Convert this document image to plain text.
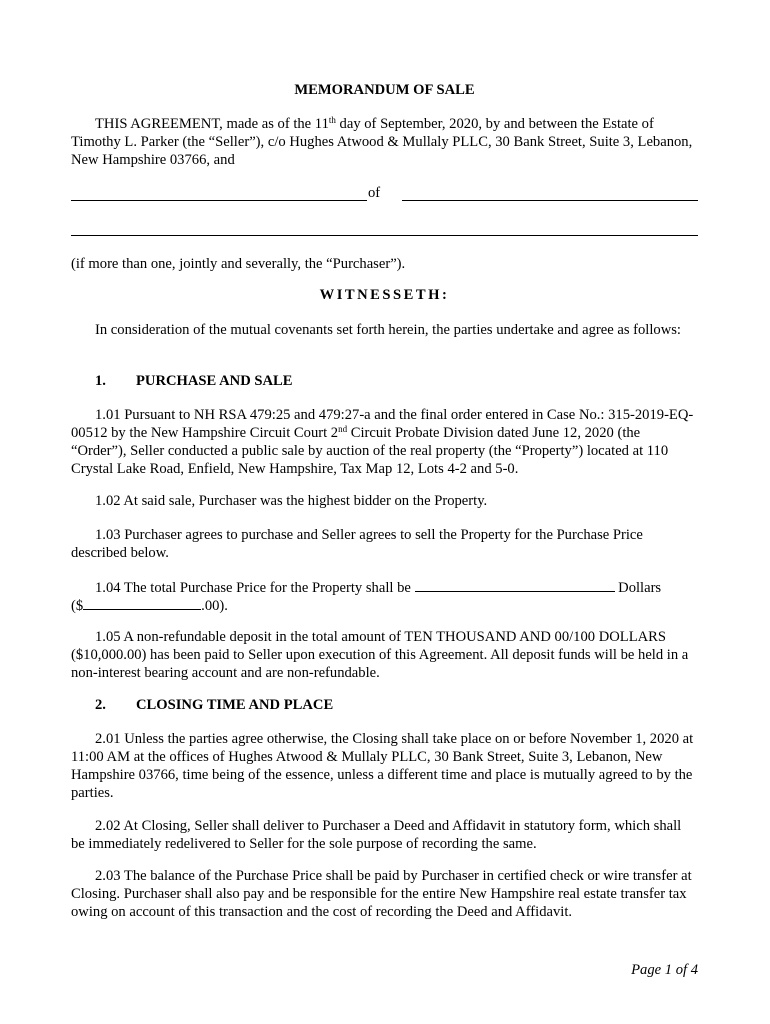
MEMORANDUM OF SALE
THIS AGREEMENT, made as of the 11th day of September, 2020, by and between the Estate of Timothy L. Parker (the “Seller”), c/o Hughes Atwood & Mullaly PLLC, 30 Bank Street, Suite 3, Lebanon, New Hampshire 03766, and
of
(if more than one, jointly and severally, the “Purchaser”).
WITNESSETH:
In consideration of the mutual covenants set forth herein, the parties undertake and agree as follows:
1. PURCHASE AND SALE
1.01 Pursuant to NH RSA 479:25 and 479:27-a and the final order entered in Case No.: 315-2019-EQ-00512 by the New Hampshire Circuit Court 2nd Circuit Probate Division dated June 12, 2020 (the “Order”), Seller conducted a public sale by auction of the real property (the “Property”) located at 110 Crystal Lake Road, Enfield, New Hampshire, Tax Map 12, Lots 4-2 and 5-0.
1.02 At said sale, Purchaser was the highest bidder on the Property.
1.03 Purchaser agrees to purchase and Seller agrees to sell the Property for the Purchase Price described below.
1.04 The total Purchase Price for the Property shall be	Dollars
($	.00).
1.05 A non-refundable deposit in the total amount of TEN THOUSAND AND 00/100 DOLLARS ($10,000.00) has been paid to Seller upon execution of this Agreement. All deposit funds will be held in a non-interest bearing account and are non-refundable.
2. CLOSING TIME AND PLACE
2.01 Unless the parties agree otherwise, the Closing shall take place on or before November 1, 2020 at 11:00 AM at the offices of Hughes Atwood & Mullaly PLLC, 30 Bank Street, Suite 3, Lebanon, New Hampshire 03766, time being of the essence, unless a different time and place is mutually agreed to by the parties.
2.02 At Closing, Seller shall deliver to Purchaser a Deed and Affidavit in statutory form, which shall be immediately redelivered to Seller for the sole purpose of recording the same.
2.03 The balance of the Purchase Price shall be paid by Purchaser in certified check or wire transfer at Closing. Purchaser shall also pay and be responsible for the entire New Hampshire real estate transfer tax owing on account of this transaction and the cost of recording the Deed and Affidavit.
Page 1 of 4
